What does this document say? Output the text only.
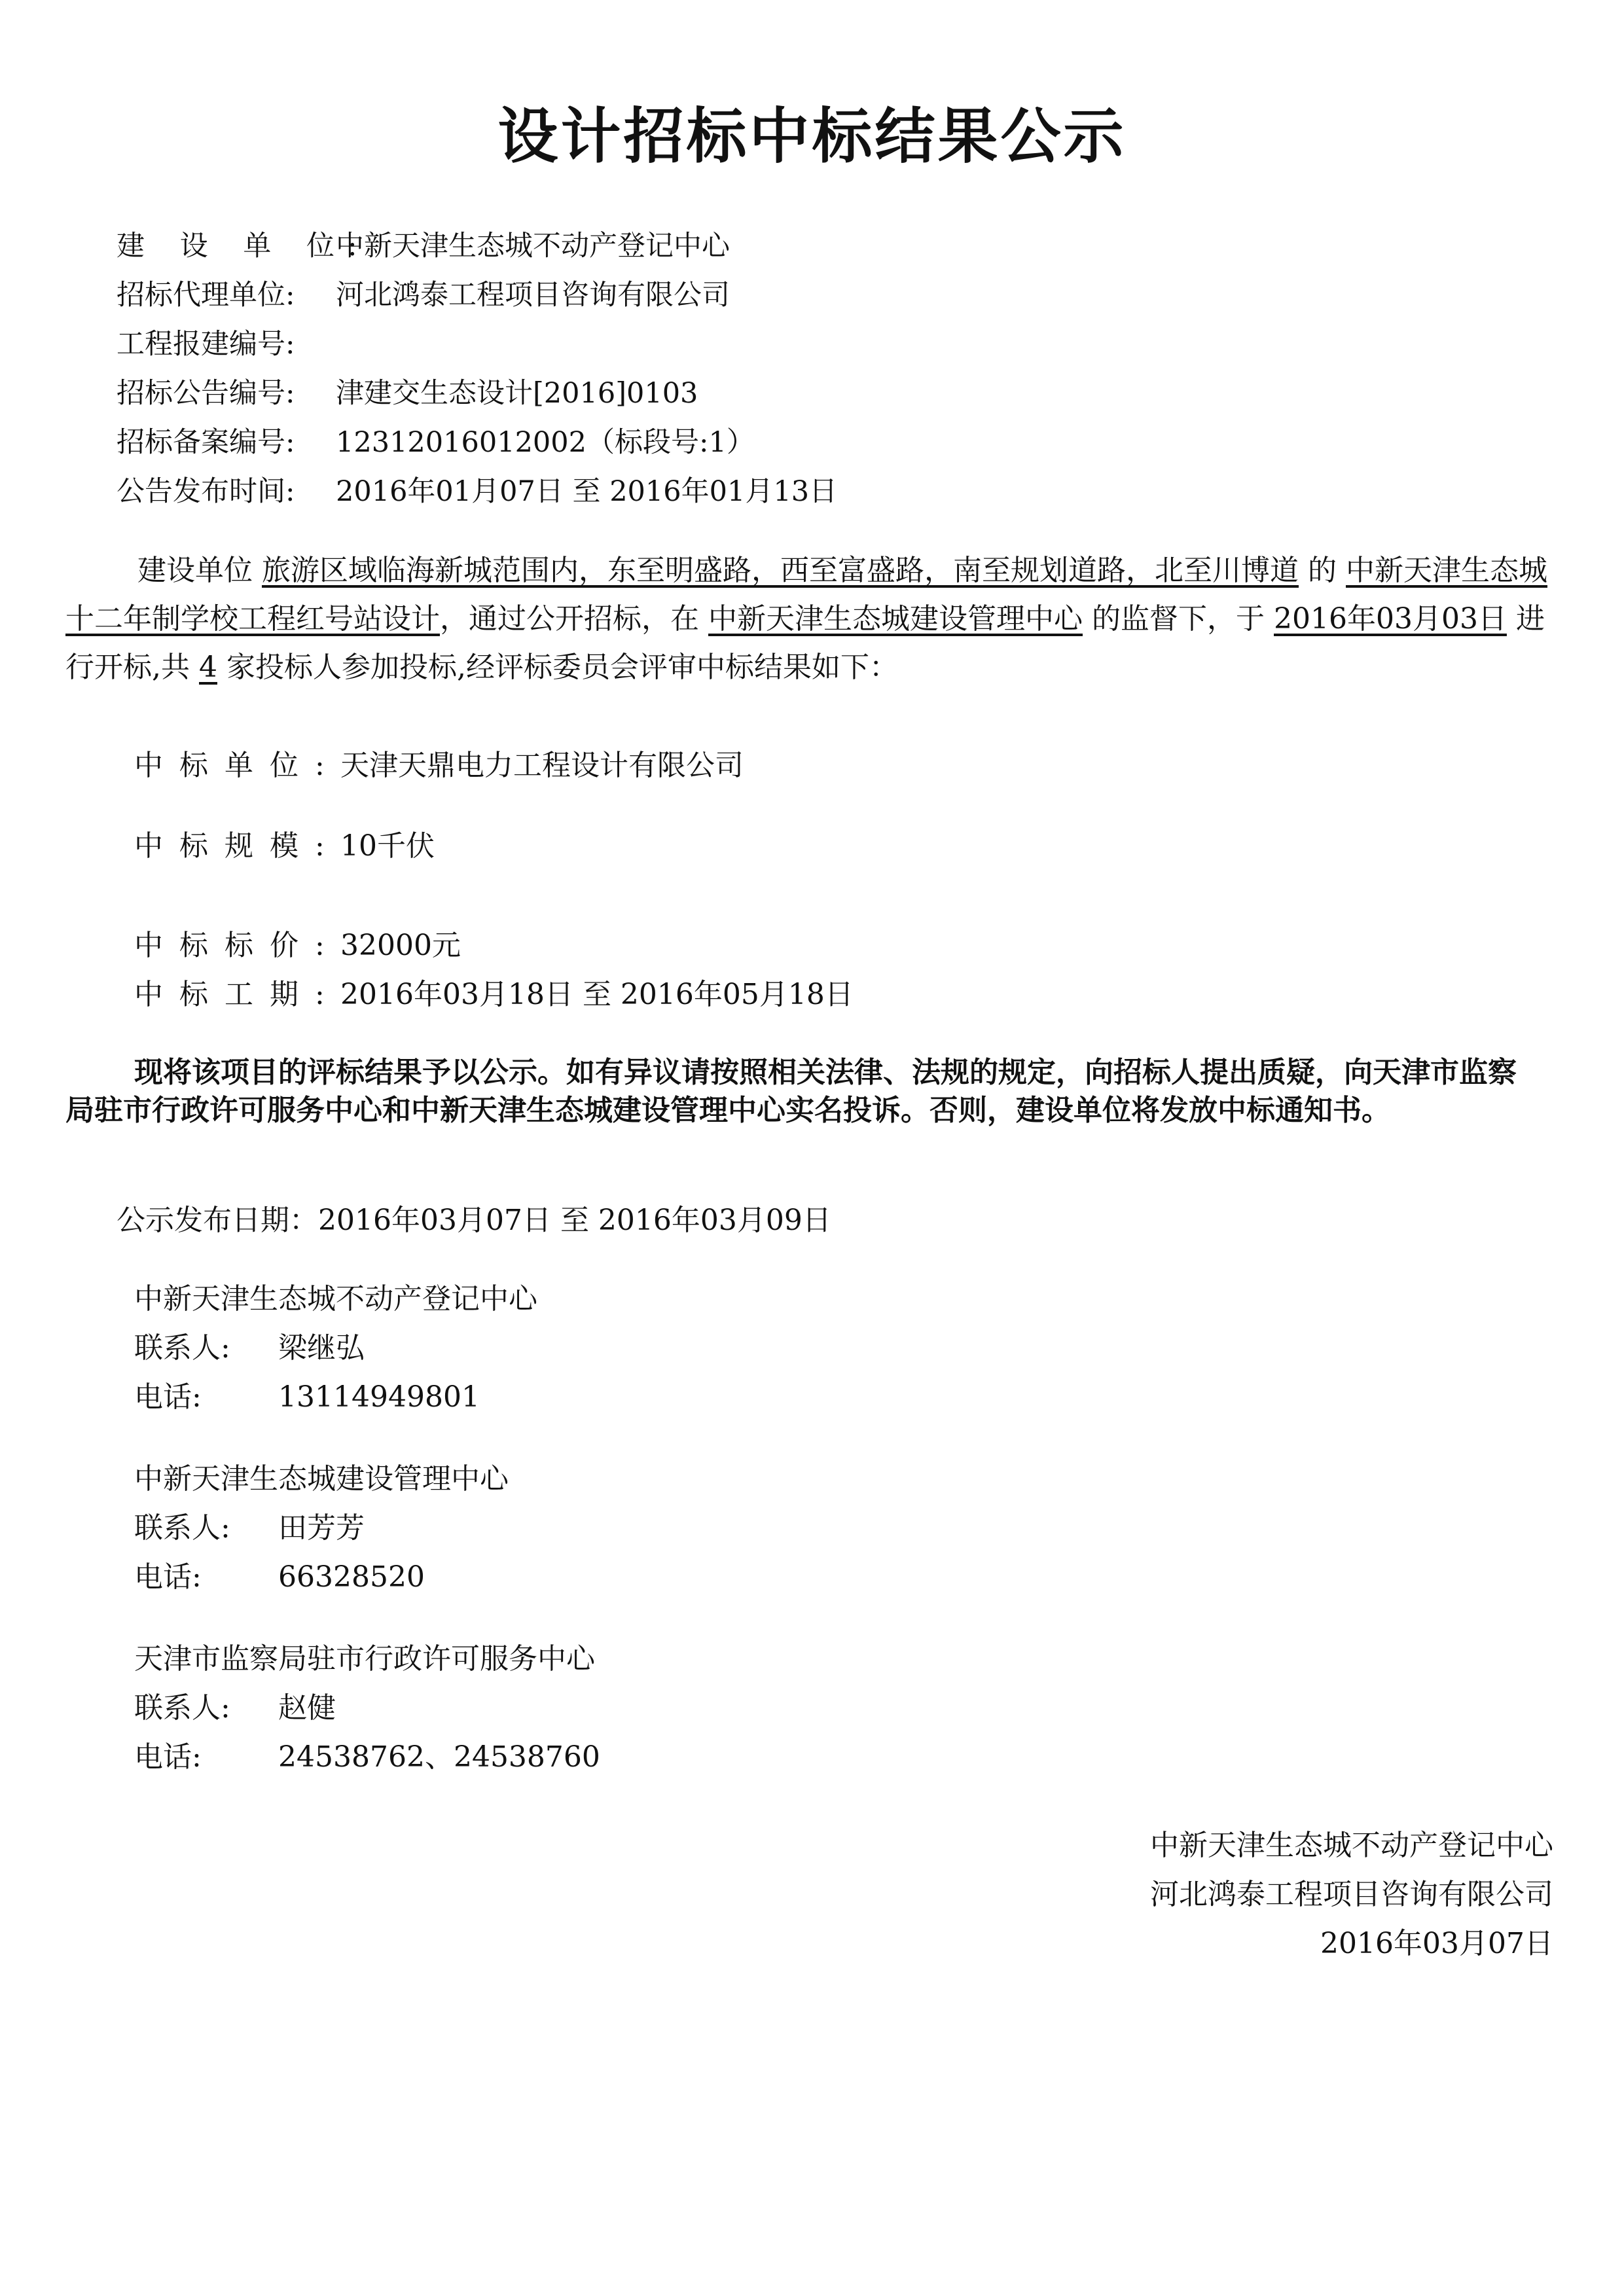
设计招标中标结果公示
建 设 单 位:中新天津生态城不动产登记中心
招标代理单位: 河北鸿泰工程项目咨询有限公司
工程报建编号:
招标公告编号: 津建交生态设计[2016]0103
招标备案编号: 12312016012002（标段号:1）
公告发布时间: 2016年01月07日 至 2016年01月13日
建设单位 旅游区域临海新城范围内，东至明盛路，西至富盛路，南至规划道路，北至川博道 的 中新天津生态城十二年制学校工程红号站设计，通过公开招标，在 中新天津生态城建设管理中心 的监督下，于 2016年03月03日 进行开标,共 4 家投标人参加投标,经评标委员会评审中标结果如下：
中标单位:天津天鼎电力工程设计有限公司
中标规模:10千伏
中标标价:32000元
中标工期:2016年03月18日 至 2016年05月18日
现将该项目的评标结果予以公示。如有异议请按照相关法律、法规的规定，向招标人提出质疑，向天津市监察局驻市行政许可服务中心和中新天津生态城建设管理中心实名投诉。否则，建设单位将发放中标通知书。
公示发布日期：2016年03月07日 至 2016年03月09日
中新天津生态城不动产登记中心
联系人: 梁继弘
电话:	13114949801
中新天津生态城建设管理中心
联系人: 田芳芳
电话:	66328520
天津市监察局驻市行政许可服务中心
联系人: 赵健
电话:	24538762、24538760
中新天津生态城不动产登记中心
河北鸿泰工程项目咨询有限公司
2016年03月07日
